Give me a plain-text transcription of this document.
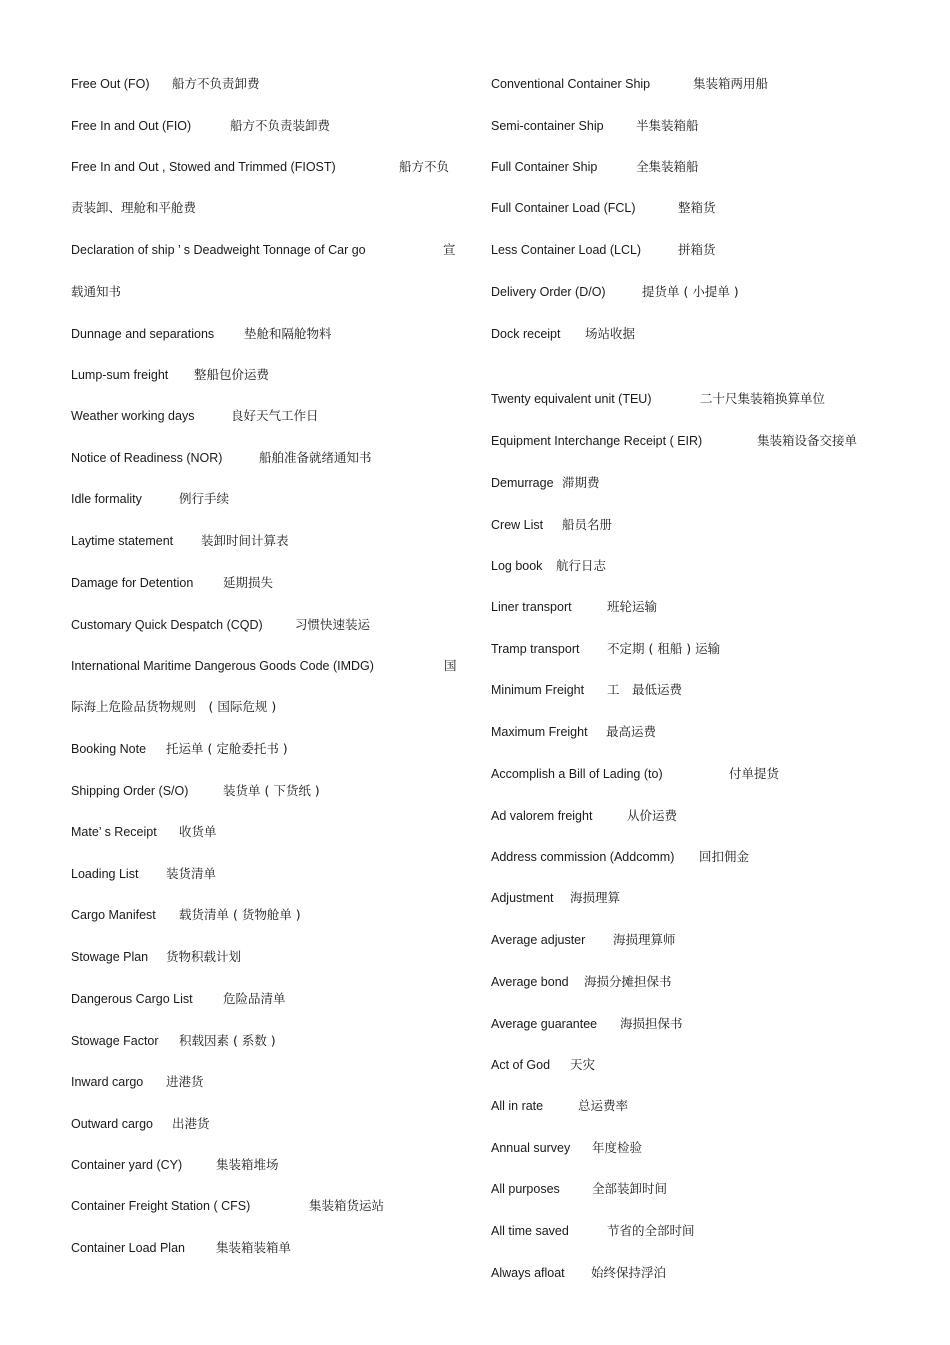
Free Out (FO) 船方不负责卸费
Free In and Out (FIO)	船方不负责装卸费
Free In and Out , Stowed and Trimmed (FIOST)	船方不负
责装卸、理舱和平舱费
Declaration of ship ’ s Deadweight Tonnage of Car go	宣
载通知书
Dunnage and separations 垫舱和隔舱物料
Lump-sum freight 整船包价运费
Weather working days	良好天气工作日
Notice of Readiness (NOR)	船舶准备就绪通知书
Idle formality	例行手续
Laytime statement 装卸时间计算表
Damage for Detention 延期损失
Customary Quick Despatch (CQD)	习惯快速装运
International Maritime Dangerous Goods Code (IMDG)	国
际海上危险品货物规则　( 国际危规 )
Booking Note 托运单 ( 定舱委托书 )
Shipping Order (S/O)	装货单 ( 下货纸 )
Mate’ s Receipt 收货单
Loading List 装货清单
Cargo Manifest 载货清单 ( 货物舱单 )
Stowage Plan 货物积载计划
Dangerous Cargo List 危险品清单
Stowage Factor 积载因素 ( 系数 )
Inward cargo 进港货
Outward cargo 出港货
Container yard (CY)	集装箱堆场
Container Freight Station ( CFS)	集装箱货运站
Container Load Plan 集装箱装箱单
Conventional Container Ship	集装箱两用船
Semi-container Ship	半集装箱船
Full Container Ship	全集装箱船
Full Container Load (FCL)	整箱货
Less Container Load (LCL)	拼箱货
Delivery Order (D/O)	提货单 ( 小提单 )
Dock receipt 场站收据
Twenty equivalent unit (TEU)	二十尺集装箱换算单位
Equipment Interchange Receipt ( EIR)	集装箱设备交接单
Demurrage 滞期费
Crew List 船员名册
Log book 航行日志
Liner transport	班轮运输
Tramp transport 不定期 ( 租船 ) 运输
Minimum Freight 工　最低运费
Maximum Freight 最高运费
Accomplish a Bill of Lading (to)	付单提货
Ad valorem freight	从价运费
Address commission (Addcomm) 回扣佣金
Adjustment 海损理算
Average adjuster 海损理算师
Average bond 海损分摊担保书
Average guarantee 海损担保书
Act of God 天灾
All in rate	总运费率
Annual survey 年度检验
All purposes	全部装卸时间
All time saved	节省的全部时间
Always afloat 始终保持浮泊
